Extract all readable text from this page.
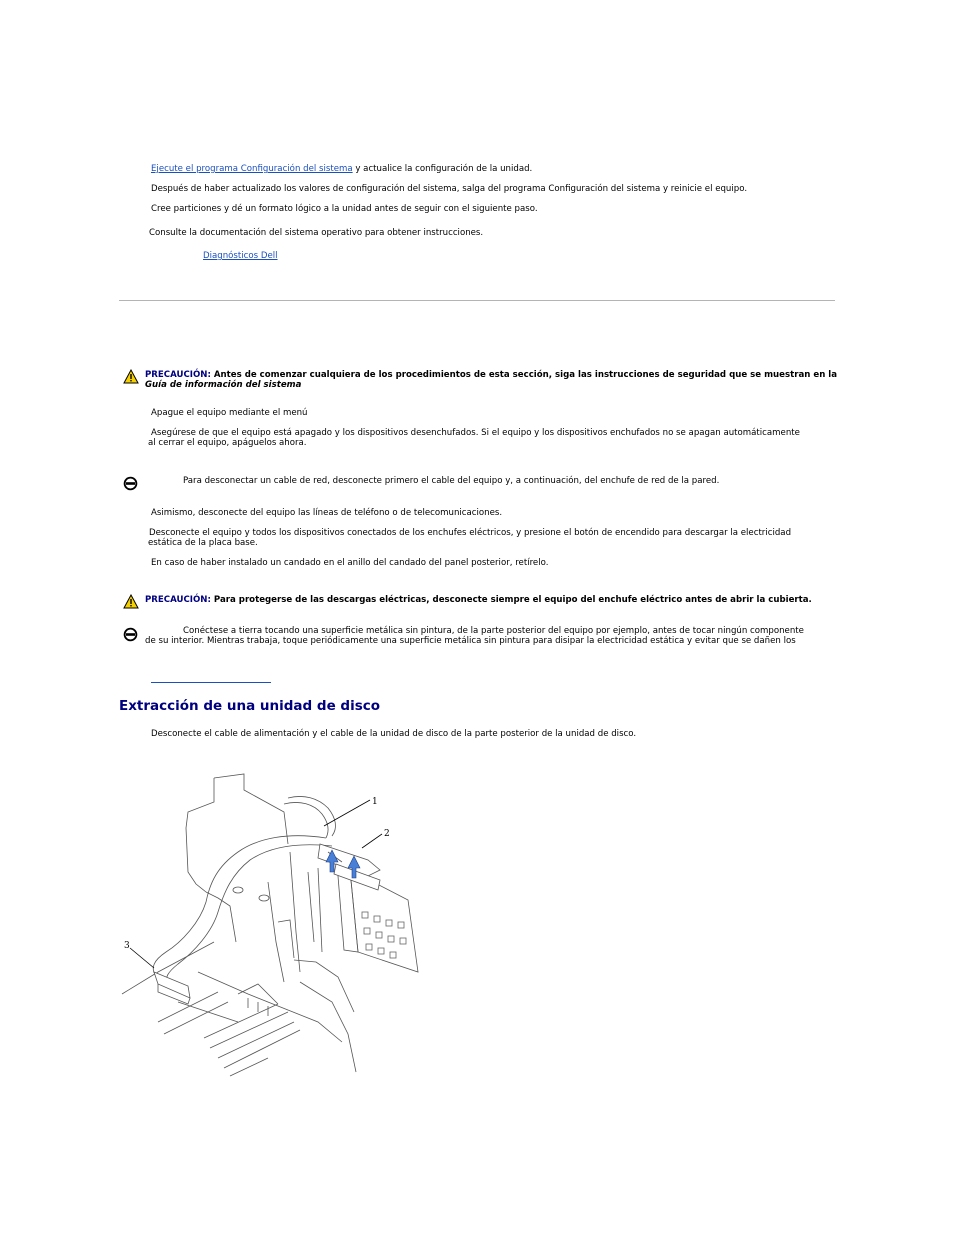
Ejecute el programa Configuración del sistema y actualice la configuración de la unidad.
Después de haber actualizado los valores de configuración del sistema, salga del programa Configuración del sistema y reinicie el equipo.
Cree particiones y dé un formato lógico a la unidad antes de seguir con el siguiente paso.
Consulte la documentación del sistema operativo para obtener instrucciones.
Diagnósticos Dell
PRECAUCIÓN: Antes de comenzar cualquiera de los procedimientos de esta sección, siga las instrucciones de seguridad que se muestran en la
Guía de información del sistema
Apague el equipo mediante el menú
Asegúrese de que el equipo está apagado y los dispositivos desenchufados. Si el equipo y los dispositivos enchufados no se apagan automáticamente
al cerrar el equipo, apáguelos ahora.
Para desconectar un cable de red, desconecte primero el cable del equipo y, a continuación, del enchufe de red de la pared.
Asimismo, desconecte del equipo las líneas de teléfono o de telecomunicaciones.
Desconecte el equipo y todos los dispositivos conectados de los enchufes eléctricos, y presione el botón de encendido para descargar la electricidad
estática de la placa base.
En caso de haber instalado un candado en el anillo del candado del panel posterior, retírelo.
PRECAUCIÓN: Para protegerse de las descargas eléctricas, desconecte siempre el equipo del enchufe eléctrico antes de abrir la cubierta.
Conéctese a tierra tocando una superficie metálica sin pintura, de la parte posterior del equipo por ejemplo, antes de tocar ningún componente
de su interior. Mientras trabaja, toque periódicamente una superficie metálica sin pintura para disipar la electricidad estática y evitar que se dañen los
Extracción de una unidad de disco
Desconecte el cable de alimentación y el cable de la unidad de disco de la parte posterior de la unidad de disco.
1
2
3
